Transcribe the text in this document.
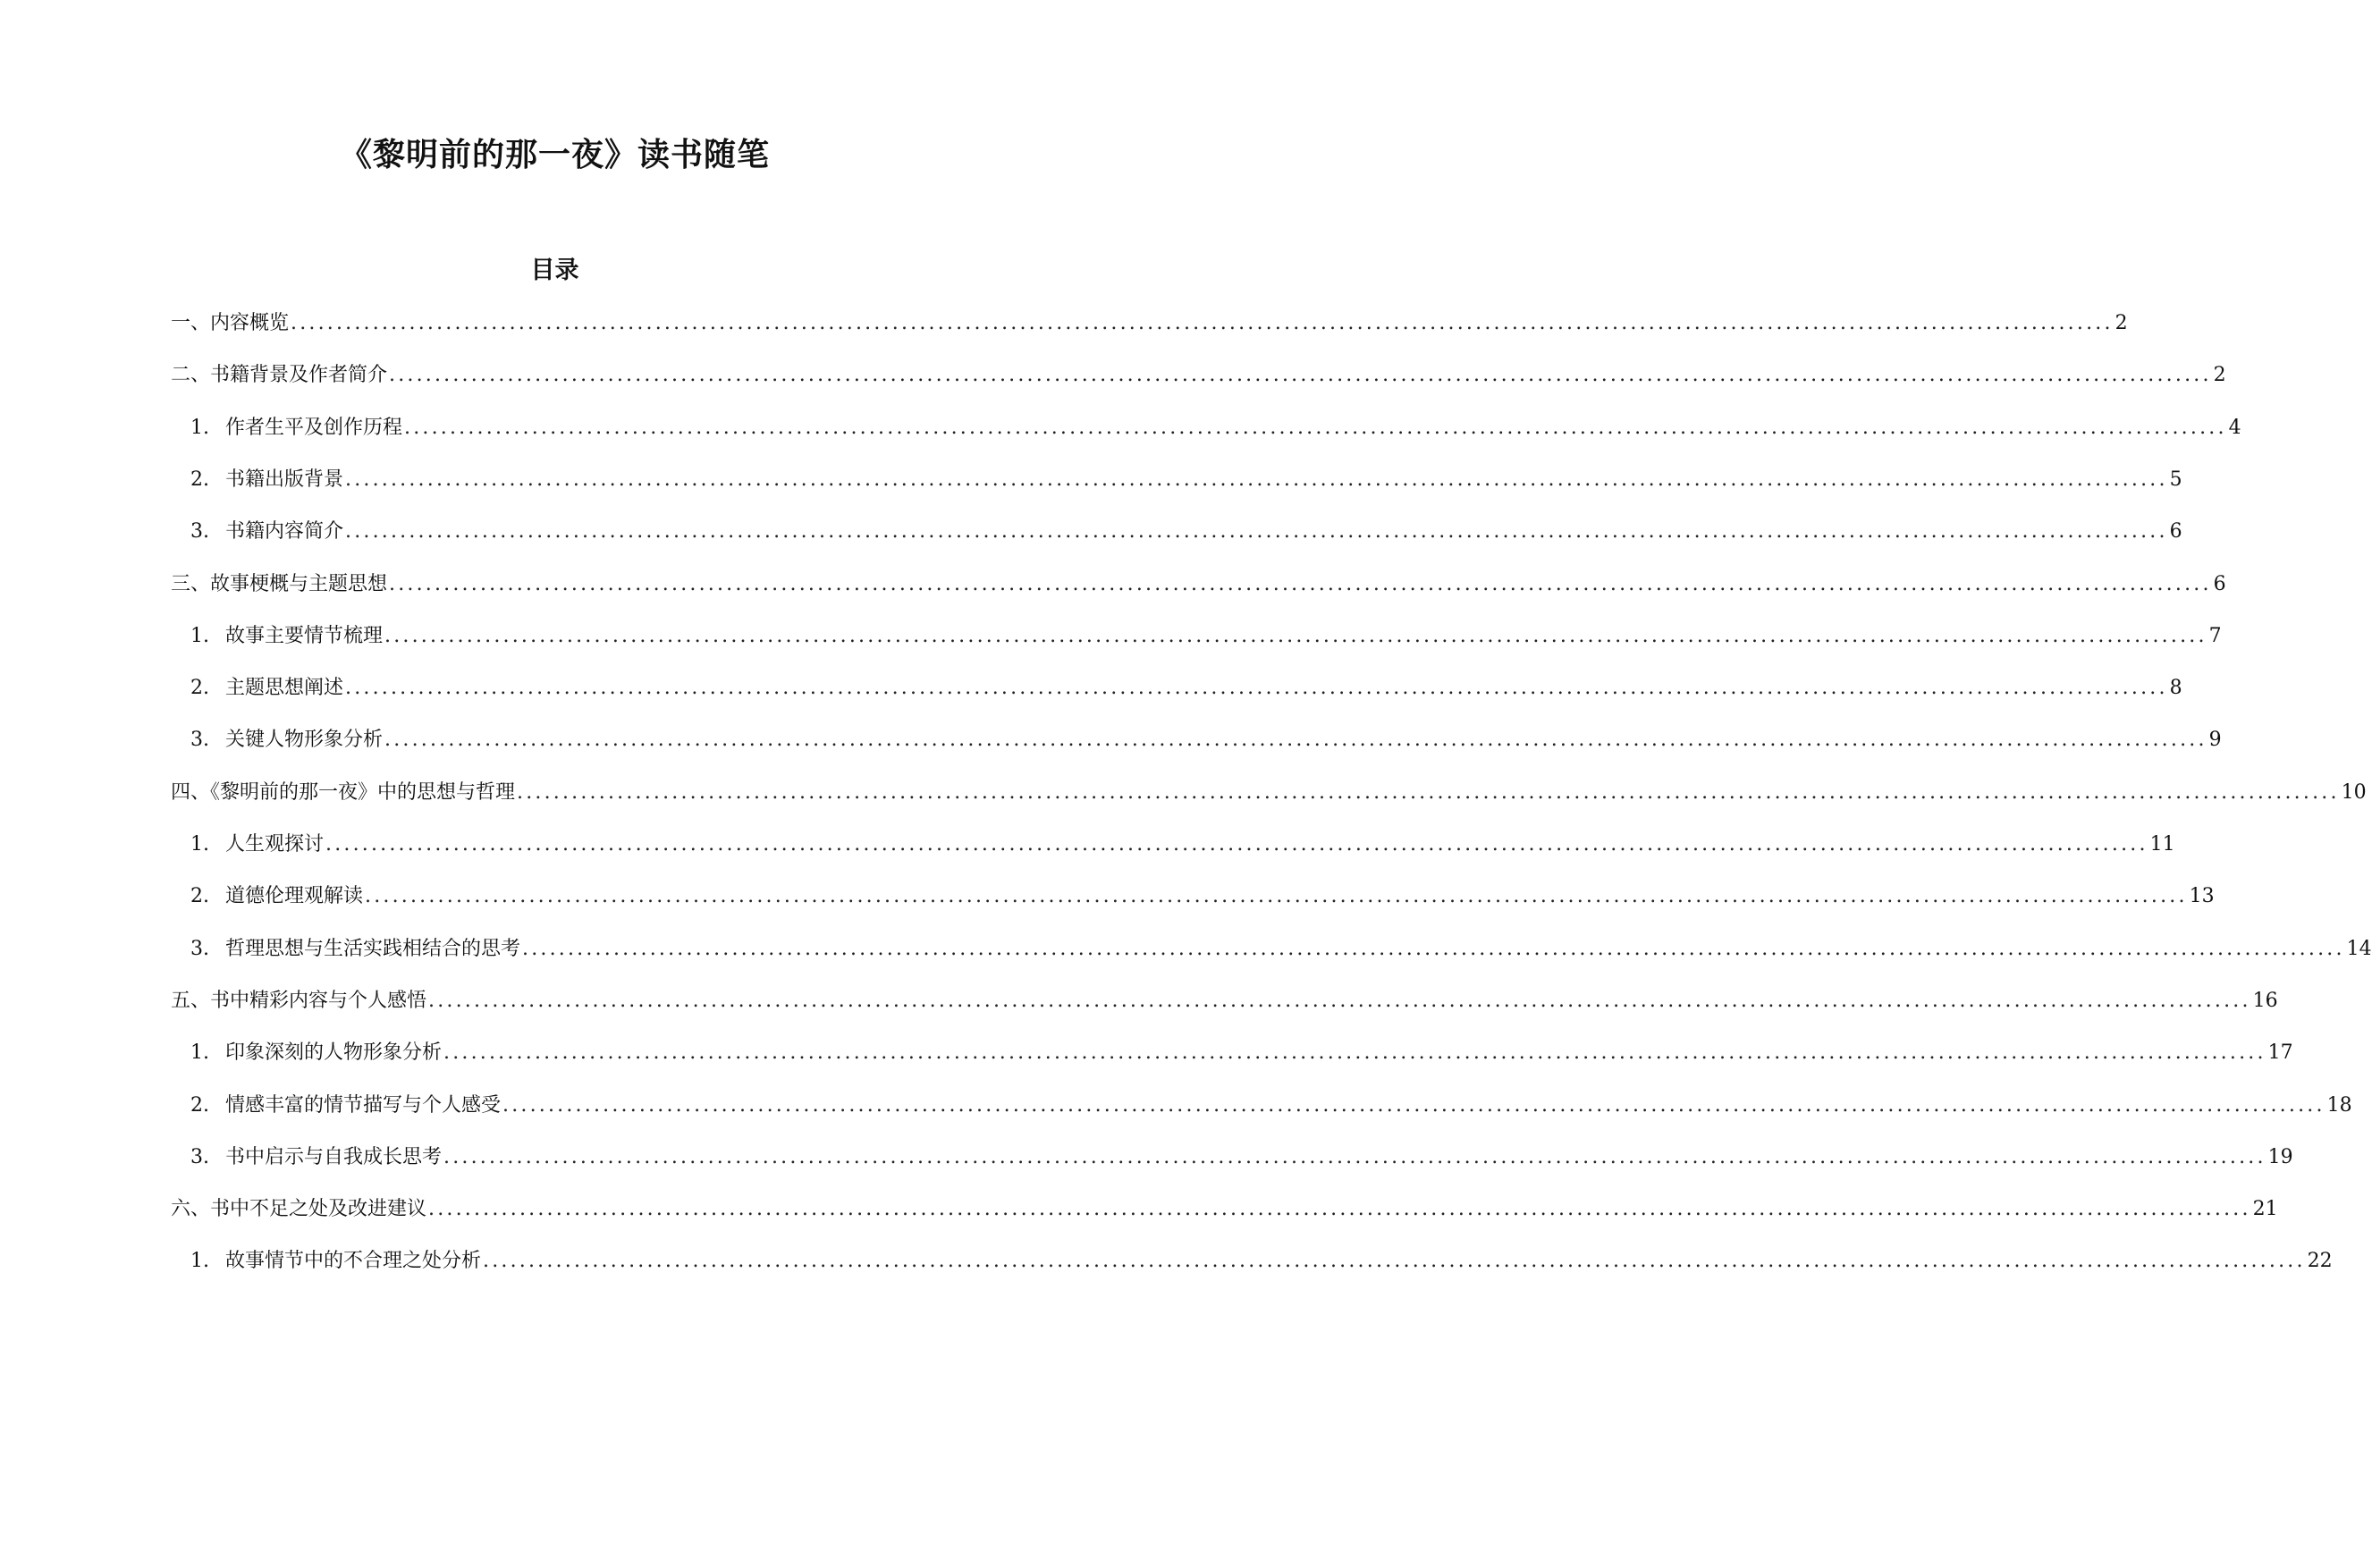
《黎明前的那一夜》读书随笔
目录
一、内容概览 ........................................................................................................................................................................................................ 2
二、书籍背景及作者简介 ........................................................................................................................................................................................................ 2
1. 作者生平及创作历程 ........................................................................................................................................................................................................ 4
2. 书籍出版背景 ........................................................................................................................................................................................................ 5
3. 书籍内容简介 ........................................................................................................................................................................................................ 6
三、故事梗概与主题思想 ........................................................................................................................................................................................................ 6
1. 故事主要情节梳理 ........................................................................................................................................................................................................ 7
2. 主题思想阐述 ........................................................................................................................................................................................................ 8
3. 关键人物形象分析 ........................................................................................................................................................................................................ 9
四、《黎明前的那一夜》中的思想与哲理 ........................................................................................................................................................................................................ 10
1. 人生观探讨 ........................................................................................................................................................................................................ 11
2. 道德伦理观解读 ........................................................................................................................................................................................................ 13
3. 哲理思想与生活实践相结合的思考 ........................................................................................................................................................................................................ 14
五、书中精彩内容与个人感悟 ........................................................................................................................................................................................................ 16
1. 印象深刻的人物形象分析 ........................................................................................................................................................................................................ 17
2. 情感丰富的情节描写与个人感受 ........................................................................................................................................................................................................ 18
3. 书中启示与自我成长思考 ........................................................................................................................................................................................................ 19
六、书中不足之处及改进建议 ........................................................................................................................................................................................................ 21
1. 故事情节中的不合理之处分析 ........................................................................................................................................................................................................ 22
